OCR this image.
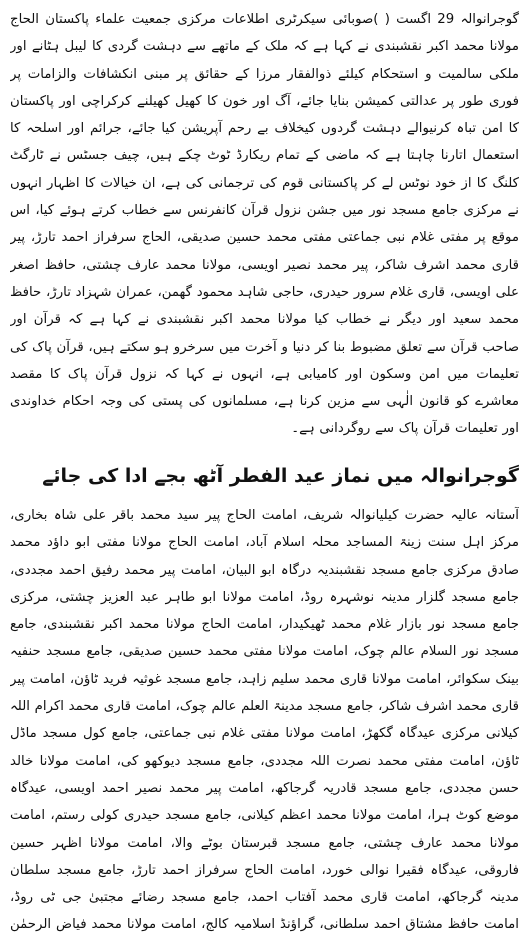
گوجرانوالہ 29 اگست ( )صوبائی سیکرٹری اطلاعات مرکزی جمعیت علماء پاکستان الحاج مولانا محمد اکبر نقشبندی نے کہا ہے کہ ملک کے ماتھے سے دہشت گردی کا لیبل ہٹانے اور ملکی سالمیت و استحکام کیلئے ذوالفقار مرزا کے حقائق پر مبنی انکشافات والزامات پر فوری طور پر عدالتی کمیشن بنایا جائے، آگ اور خون کا کھیل کھیلنے کرکراچی اور پاکستان کا امن تباہ کرنیوالے دہشت گردوں کیخلاف بے رحم آپریشن کیا جائے، جرائم اور اسلحہ کا استعمال اتارنا چاہتا ہے کہ ماضی کے تمام ریکارڈ ٹوٹ چکے ہیں، چیف جسٹس نے ٹارگٹ کلنگ کا از خود نوٹس لے کر پاکستانی قوم کی ترجمانی کی ہے، ان خیالات کا اظہار انہوں نے مرکزی جامع مسجد نور میں جشن نزول قرآن کانفرنس سے خطاب کرتے ہوئے کیا، اس موقع پر مفتی غلام نبی جماعتی مفتی محمد حسین صدیقی، الحاج سرفراز احمد تارڑ، پیر قاری محمد اشرف شاکر، پیر محمد نصیر اویسی، مولانا محمد عارف چشتی، حافظ اصغر علی اویسی، قاری غلام سرور حیدری، حاجی شاہد محمود گھمن، عمران شہزاد تارڑ، حافظ محمد سعید اور دیگر نے خطاب کیا مولانا محمد اکبر نقشبندی نے کہا ہے کہ قرآن اور صاحب قرآن سے تعلق مضبوط بنا کر دنیا و آخرت میں سرخرو ہو سکتے ہیں، قرآن پاک کی تعلیمات میں امن وسکون اور کامیابی ہے، انہوں نے کہا کہ نزول قرآن پاک کا مقصد معاشرے کو قانون الٰہی سے مزین کرنا ہے، مسلمانوں کی پستی کی وجہ احکام خداوندی اور تعلیمات قرآن پاک سے روگردانی ہے۔

گوجرانوالہ میں نماز عید الفطر آٹھ بجے ادا کی جائے

آستانہ عالیہ حضرت کیلیانوالہ شریف، امامت الحاج پیر سید محمد باقر علی شاہ بخاری، مرکز اہل سنت زینۃ المساجد محلہ اسلام آباد، امامت الحاج مولانا مفتی ابو داؤد محمد صادق مرکزی جامع مسجد نقشبندیہ درگاہ ابو البیان، امامت پیر محمد رفیق احمد مجددی، جامع مسجد گلزار مدینہ نوشہرہ روڈ، امامت مولانا ابو طاہر عبد العزیز چشتی، مرکزی جامع مسجد نور بازار غلام محمد ٹھیکیدار، امامت الحاج مولانا محمد اکبر نقشبندی، جامع مسجد نور السلام عالم چوک، امامت مولانا مفتی محمد حسین صدیقی، جامع مسجد حنفیہ بینک سکوائر، امامت مولانا قاری محمد سلیم زاہد، جامع مسجد غوثیہ فرید ٹاؤن، امامت پیر قاری محمد اشرف شاکر، جامع مسجد مدینۃ العلم عالم چوک، امامت قاری محمد اکرام اللہ کیلانی مرکزی عیدگاہ گکھڑ، امامت مولانا مفتی غلام نبی جماعتی، جامع کول مسجد ماڈل ٹاؤن، امامت مفتی محمد نصرت اللہ مجددی، جامع مسجد دیوکھو کی، امامت مولانا خالد حسن مجددی، جامع مسجد قادریہ گرجاکھ، امامت پیر محمد نصیر احمد اویسی، عیدگاہ موضع کوٹ ہرا، امامت مولانا محمد اعظم کیلانی، جامع مسجد حیدری کولی رستم، امامت مولانا محمد عارف چشتی، جامع مسجد قبرستان بوٹے والا، امامت مولانا اظہر حسین فاروقی، عیدگاہ فقیرا نوالی خورد، امامت الحاج سرفراز احمد تارڑ، جامع مسجد سلطان مدینہ گرجاکھ، امامت قاری محمد آفتاب احمد، جامع مسجد رضائے مجتبیٰ جی ٹی روڈ، امامت حافظ مشتاق احمد سلطانی، گراؤنڈ اسلامیہ کالج، امامت مولانا محمد فیاض الرحمٰن
